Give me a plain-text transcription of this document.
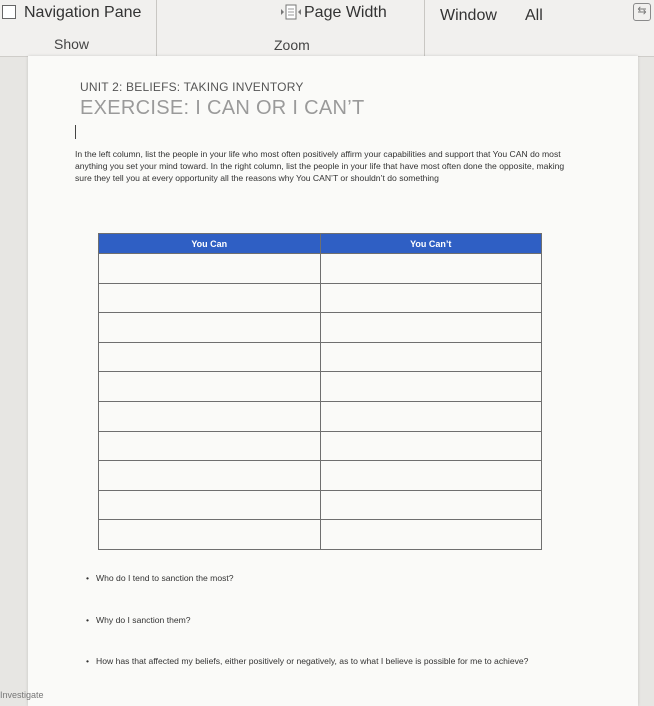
Navigation Pane	Page Width	Window All	⇆
Show	Zoom
UNIT 2: BELIEFS: TAKING INVENTORY
EXERCISE: I CAN OR I CAN’T
In the left column, list the people in your life who most often positively affirm your capabilities and support that You CAN do most anything you set your mind toward. In the right column, list the people in your life that have most often done the opposite, making sure they tell you at every opportunity all the reasons why You CAN’T or shouldn’t do something
You Can	You Can’t

• Who do I tend to sanction the most?
• Why do I sanction them?
• How has that affected my beliefs, either positively or negatively, as to what I believe is possible for me to achieve?
Investigate
